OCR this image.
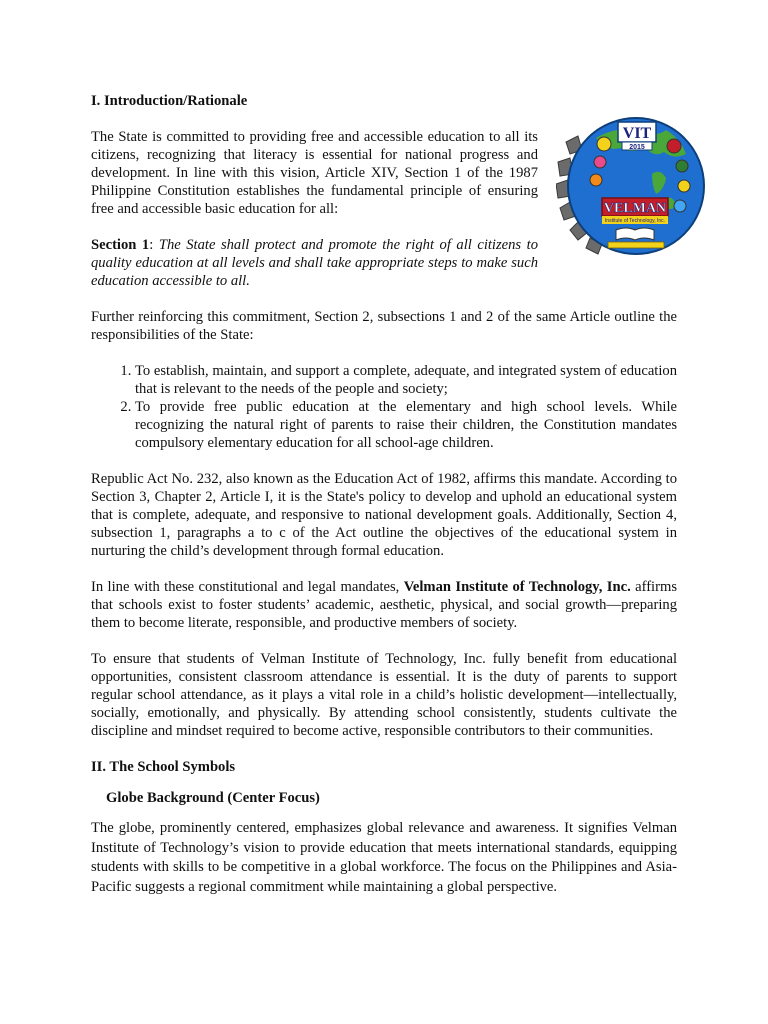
I. Introduction/Rationale

The State is committed to providing free and accessible education to all its citizens, recognizing that literacy is essential for national progress and development. In line with this vision, Article XIV, Section 1 of the 1987 Philippine Constitution establishes the fundamental principle of ensuring free and accessible basic education for all:

Section 1: The State shall protect and promote the right of all citizens to quality education at all levels and shall take appropriate steps to make such education accessible to all.

Further reinforcing this commitment, Section 2, subsections 1 and 2 of the same Article outline the responsibilities of the State:

1. To establish, maintain, and support a complete, adequate, and integrated system of education that is relevant to the needs of the people and society;
2. To provide free public education at the elementary and high school levels. While recognizing the natural right of parents to raise their children, the Constitution mandates compulsory elementary education for all school-age children.

Republic Act No. 232, also known as the Education Act of 1982, affirms this mandate. According to Section 3, Chapter 2, Article I, it is the State's policy to develop and uphold an educational system that is complete, adequate, and responsive to national development goals. Additionally, Section 4, subsection 1, paragraphs a to c of the Act outline the objectives of the educational system in nurturing the child’s development through formal education.

In line with these constitutional and legal mandates, Velman Institute of Technology, Inc. affirms that schools exist to foster students’ academic, aesthetic, physical, and social growth—preparing them to become literate, responsible, and productive members of society.

To ensure that students of Velman Institute of Technology, Inc. fully benefit from educational opportunities, consistent classroom attendance is essential. It is the duty of parents to support regular school attendance, as it plays a vital role in a child’s holistic development—intellectually, socially, emotionally, and physically. By attending school consistently, students cultivate the discipline and mindset required to become active, responsible contributors to their communities.

II. The School Symbols
Globe Background (Center Focus)

The globe, prominently centered, emphasizes global relevance and awareness. It signifies Velman Institute of Technology’s vision to provide education that meets international standards, equipping students with skills to be competitive in a global workforce. The focus on the Philippines and Asia-Pacific suggests a regional commitment while maintaining a global perspective.

VIT
2015
VELMAN
Institute of Technology, Inc.
